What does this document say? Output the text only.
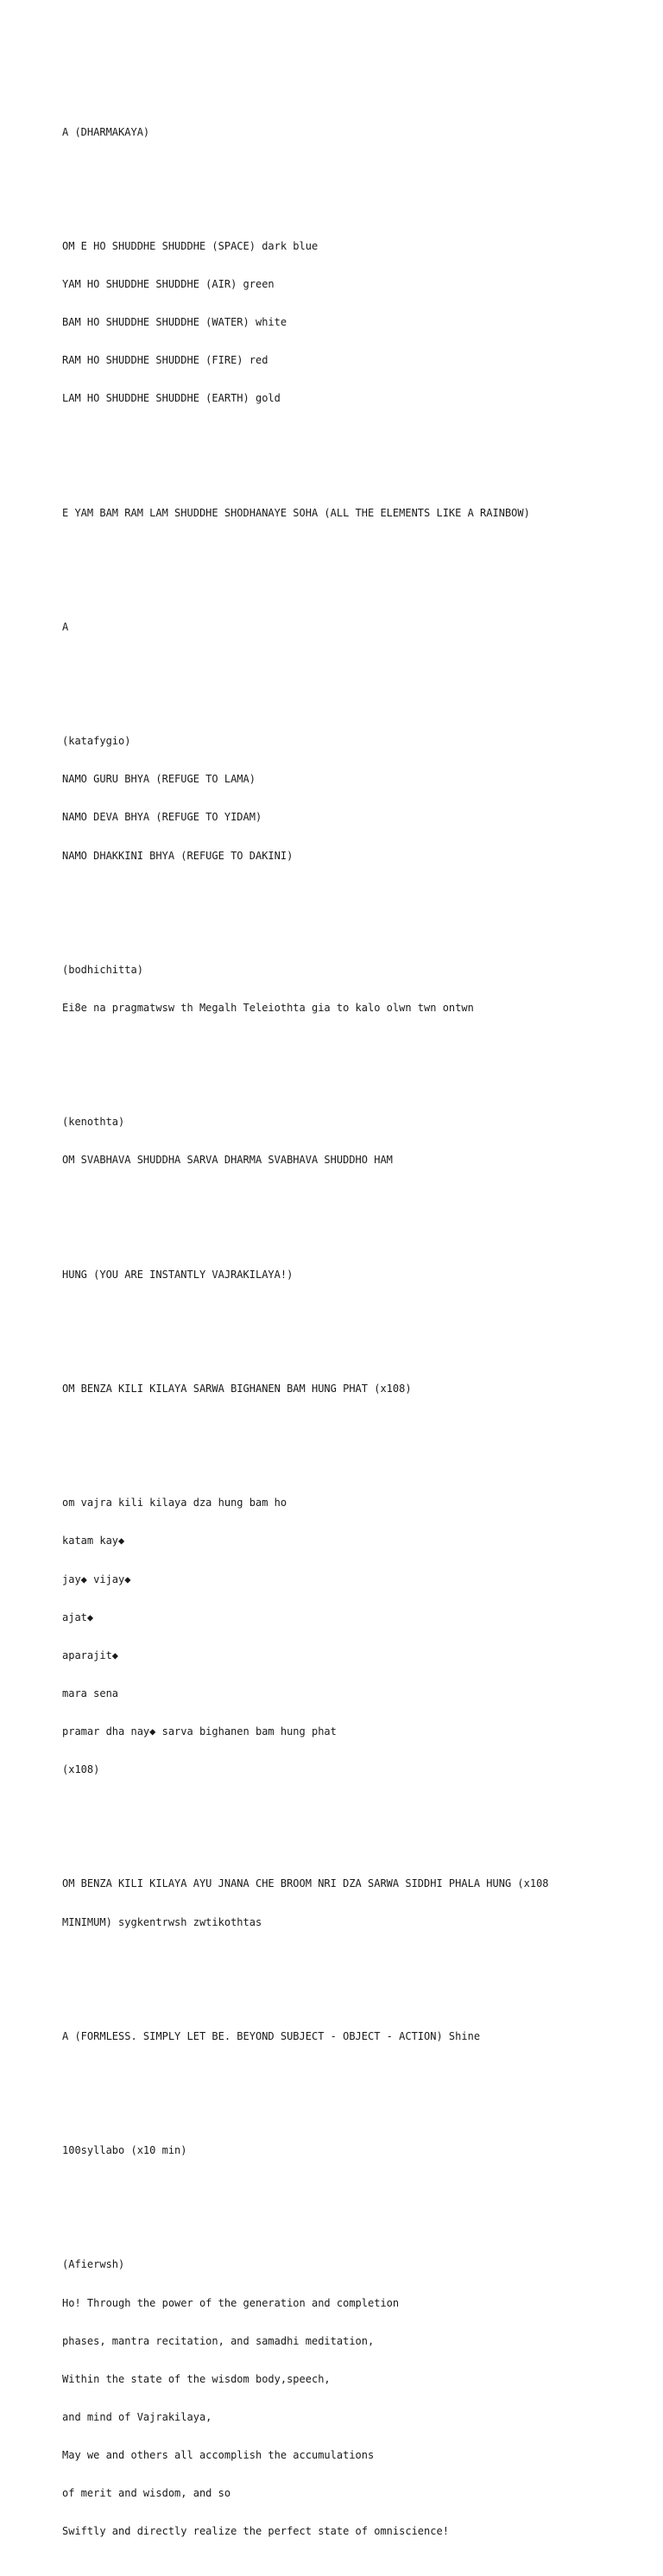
A (DHARMAKAYA)

OM E HO SHUDDHE SHUDDHE (SPACE) dark blue

YAM HO SHUDDHE SHUDDHE (AIR) green

BAM HO SHUDDHE SHUDDHE (WATER) white

RAM HO SHUDDHE SHUDDHE (FIRE) red

LAM HO SHUDDHE SHUDDHE (EARTH) gold

E YAM BAM RAM LAM SHUDDHE SHODHANAYE SOHA (ALL THE ELEMENTS LIKE A RAINBOW)

A

(katafygio)

NAMO GURU BHYA (REFUGE TO LAMA)

NAMO DEVA BHYA (REFUGE TO YIDAM)

NAMO DHAKKINI BHYA (REFUGE TO DAKINI)

(bodhichitta)

Ei8e na pragmatwsw th Megalh Teleiothta gia to kalo olwn twn ontwn

(kenothta)

OM SVABHAVA SHUDDHA SARVA DHARMA SVABHAVA SHUDDHO HAM

HUNG (YOU ARE INSTANTLY VAJRAKILAYA!)

OM BENZA KILI KILAYA SARWA BIGHANEN BAM HUNG PHAT (x108)

om vajra kili kilaya dza hung bam ho

katam kay◆

jay◆ vijay◆

ajat◆

aparajit◆

mara sena

pramar dha nay◆ sarva bighanen bam hung phat

(x108)

OM BENZA KILI KILAYA AYU JNANA CHE BROOM NRI DZA SARWA SIDDHI PHALA HUNG (x108

MINIMUM) sygkentrwsh zwtikothtas

A (FORMLESS. SIMPLY LET BE. BEYOND SUBJECT - OBJECT - ACTION) Shine

100syllabo (x10 min)

(Afierwsh)

Ho! Through the power of the generation and completion

phases, mantra recitation, and samadhi meditation,

Within the state of the wisdom body,speech,

and mind of Vajrakilaya,

May we and others all accomplish the accumulations

of merit and wisdom, and so

Swiftly and directly realize the perfect state of omniscience!
